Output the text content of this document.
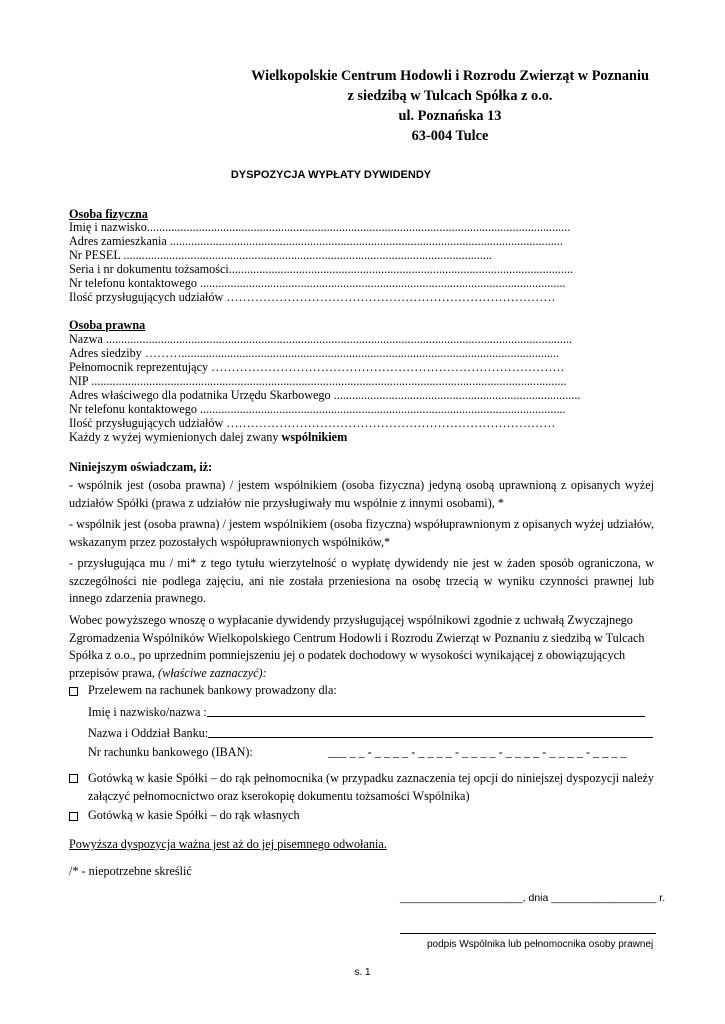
Wielkopolskie Centrum Hodowli i Rozrodu Zwierząt w Poznaniu
z siedzibą w Tulcach Spółka z o.o.
ul. Poznańska 13
63-004 Tulce
DYSPOZYCJA WYPŁATY DYWIDENDY
Osoba fizyczna
Imię i nazwisko...........................................................................................................................................
Adres zamieszkania .................................................................................................................................
Nr PESEL .........................................................................................................................
Seria i nr dokumentu tożsamości.................................................................................................................
Nr telefonu kontaktowego ........................................................................................................................
Ilość przysługujących udziałów ………………………………………………………………………
Osoba prawna
Nazwa .........................................................................................................................................................
Adres siedziby ………............................................................................................................................
Pełnomocnik reprezentujący ……………………………………………………………………………
NIP ............................................................................................................................................................
Adres właściwego dla podatnika Urzędu Skarbowego .................................................................................
Nr telefonu kontaktowego ........................................................................................................................
Ilość przysługujących udziałów ………………………………………………………………………
Każdy z wyżej wymienionych dalej zwany wspólnikiem
Niniejszym oświadczam, iż:
- wspólnik jest (osoba prawna) / jestem wspólnikiem (osoba fizyczna) jedyną osobą uprawnioną z opisanych wyżej udziałów Spółki (prawa z udziałów nie przysługiwały mu wspólnie z innymi osobami), *
- wspólnik jest (osoba prawna) / jestem wspólnikiem (osoba fizyczna) współuprawnionym z opisanych wyżej udziałów, wskazanym przez pozostałych współuprawnionych wspólników,*
- przysługująca mu / mi* z tego tytułu wierzytelność o wypłatę dywidendy nie jest w żaden sposób ograniczona, w szczególności nie podlega zajęciu, ani nie została przeniesiona na osobę trzecią w wyniku czynności prawnej lub innego zdarzenia prawnego.
Wobec powyższego wnoszę o wypłacanie dywidendy przysługującej wspólnikowi zgodnie z uchwałą Zwyczajnego Zgromadzenia Wspólników Wielkopolskiego Centrum Hodowli i Rozrodu Zwierząt w Poznaniu z siedzibą w Tulcach Spółka z o.o., po uprzednim pomniejszeniu jej o podatek dochodowy w wysokości wynikającej z obowiązujących przepisów prawa, (właściwe zaznaczyć):
Przelewem na rachunek bankowy prowadzony dla:
Imię i nazwisko/nazwa :
Nazwa i Oddział Banku:
Nr rachunku bankowego (IBAN):	___ _ _ - _ _ _ _ - _ _ _ _ - _ _ _ _ - _ _ _ _ - _ _ _ _ - _ _ _ _
Gotówką w kasie Spółki – do rąk pełnomocnika (w przypadku zaznaczenia tej opcji do niniejszej dyspozycji należy załączyć pełnomocnictwo oraz kserokopię dokumentu tożsamości Wspólnika)
Gotówką w kasie Spółki – do rąk własnych
Powyższa dyspozycja ważna jest aż do jej pisemnego odwołania.
/* - niepotrzebne skreślić
_____________________, dnia __________________ r.
podpis Wspólnika lub pełnomocnika osoby prawnej
s. 1
